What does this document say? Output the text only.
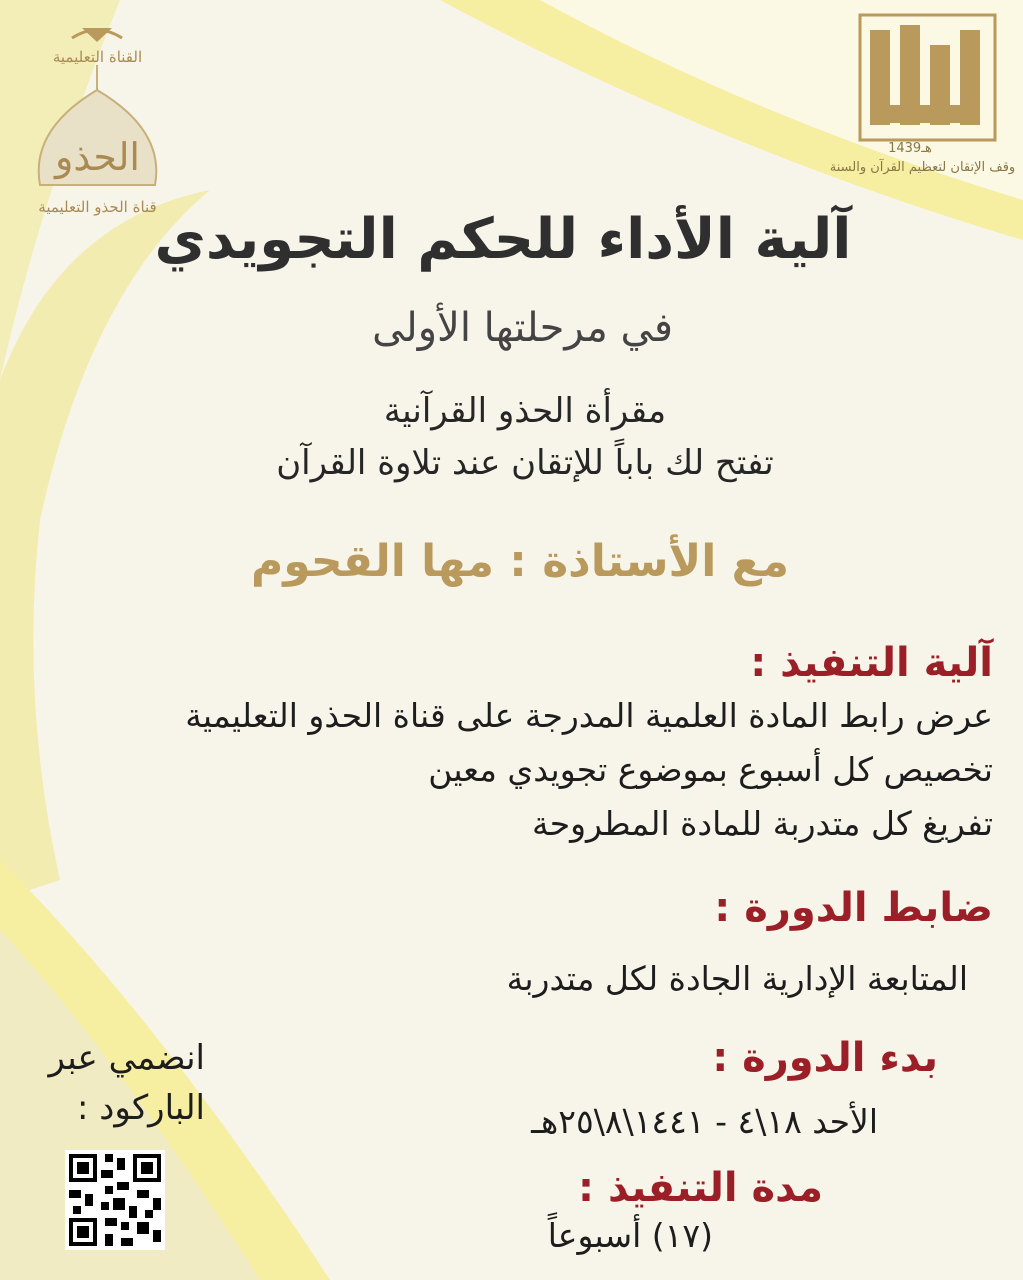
القناة التعليمية
الحذو
قناة الحذو التعليمية
1439هـ
وقف الإتقان لتعظيم القرآن والسنة
آلية الأداء للحكم التجويدي
في مرحلتها الأولى
مقرأة الحذو القرآنية
تفتح لك باباً للإتقان عند تلاوة القرآن
مع الأستاذة : مها القحوم
آلية التنفيذ :
عرض رابط المادة العلمية المدرجة على قناة الحذو التعليمية
تخصيص كل أسبوع بموضوع تجويدي معين
تفريغ كل متدربة للمادة المطروحة
ضابط الدورة :
المتابعة الإدارية الجادة لكل متدربة
بدء الدورة :
الأحد ١٨\٤ - ١٤٤١\٨\٢٥هـ
مدة التنفيذ :
(١٧) أسبوعاً
انضمي عبر
الباركود :
